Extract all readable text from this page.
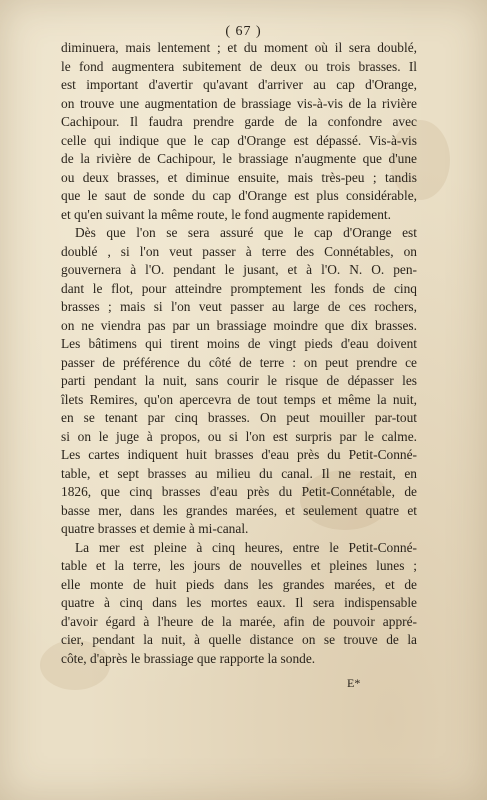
( 67 )

diminuera, mais lentement ; et du moment où il sera doublé,

le fond augmentera subitement de deux ou trois brasses. Il

est important d'avertir qu'avant d'arriver au cap d'Orange,

on trouve une augmentation de brassiage vis-à-vis de la rivière

Cachipour. Il faudra prendre garde de la confondre avec

celle qui indique que le cap d'Orange est dépassé. Vis-à-vis

de la rivière de Cachipour, le brassiage n'augmente que d'une

ou deux brasses, et diminue ensuite, mais très-peu ; tandis

que le saut de sonde du cap d'Orange est plus considérable,

et qu'en suivant la même route, le fond augmente rapidement.

Dès que l'on se sera assuré que le cap d'Orange est

doublé , si l'on veut passer à terre des Connétables, on

gouvernera à l'O. pendant le jusant, et à l'O. N. O. pen-

dant le flot, pour atteindre promptement les fonds de cinq

brasses ; mais si l'on veut passer au large de ces rochers,

on ne viendra pas par un brassiage moindre que dix brasses.

Les bâtimens qui tirent moins de vingt pieds d'eau doivent

passer de préférence du côté de terre : on peut prendre ce

parti pendant la nuit, sans courir le risque de dépasser les

îlets Remires, qu'on apercevra de tout temps et même la nuit,

en se tenant par cinq brasses. On peut mouiller par-tout

si on le juge à propos, ou si l'on est surpris par le calme.

Les cartes indiquent huit brasses d'eau près du Petit-Conné-

table, et sept brasses au milieu du canal. Il ne restait, en

1826, que cinq brasses d'eau près du Petit-Connétable, de

basse mer, dans les grandes marées, et seulement quatre et

quatre brasses et demie à mi-canal.

La mer est pleine à cinq heures, entre le Petit-Conné-

table et la terre, les jours de nouvelles et pleines lunes ;

elle monte de huit pieds dans les grandes marées, et de

quatre à cinq dans les mortes eaux. Il sera indispensable

d'avoir égard à l'heure de la marée, afin de pouvoir appré-

cier, pendant la nuit, à quelle distance on se trouve de la

côte, d'après le brassiage que rapporte la sonde.

E*
